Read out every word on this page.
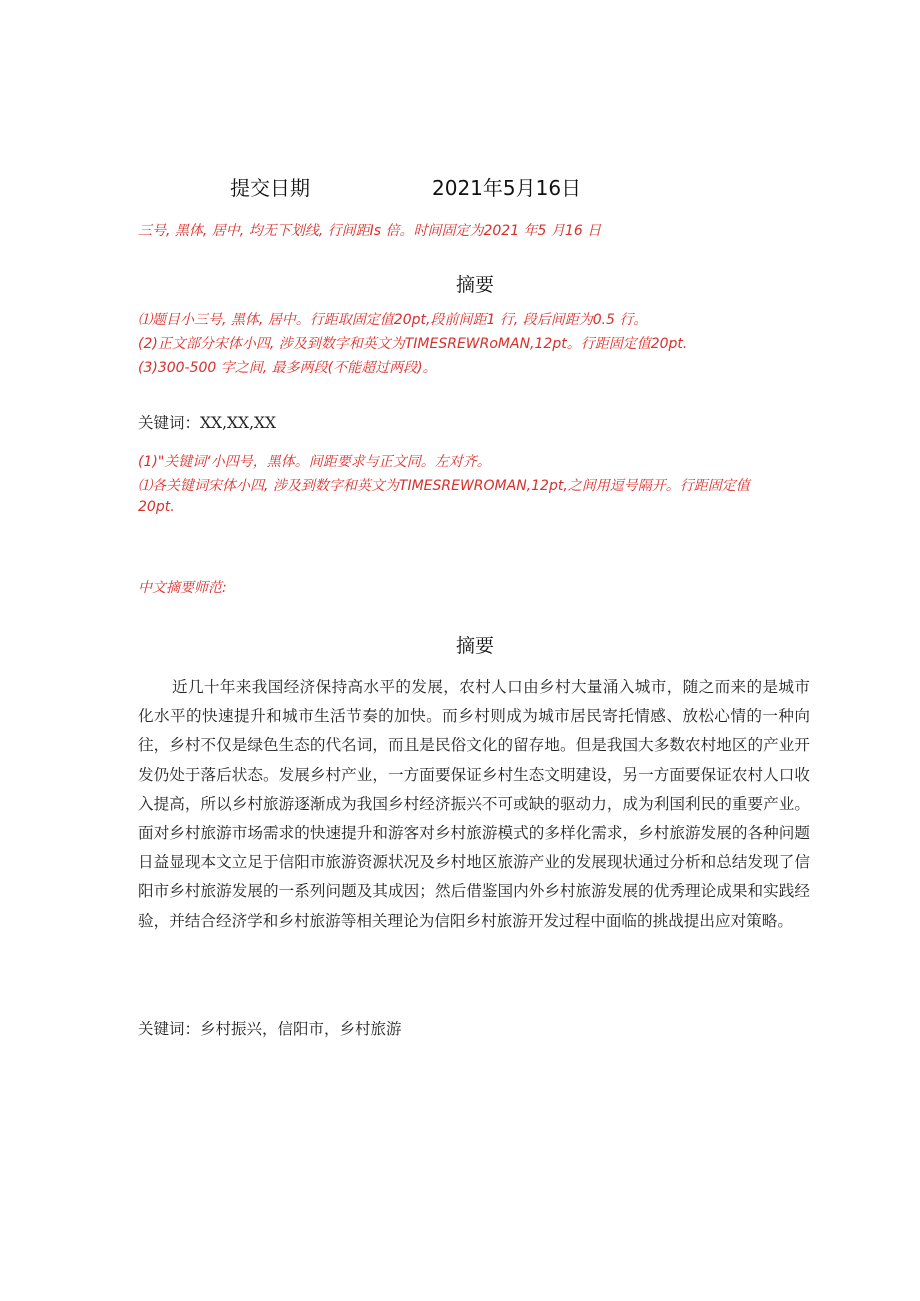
提交日期	2021年5月16日
三号, 黑体, 居中, 均无下划线, 行间距Is 倍。时间固定为2021 年5 月16 日
摘要
⑴题目小三号, 黑体, 居中。行距取固定值20pt,段前间距1 行, 段后间距为0.5 行。
(2)正文部分宋体小四, 涉及到数字和英文为TIMESREWRoMAN,12pt。行距固定值20pt.
(3)300-500 字之间, 最多两段(不能超过两段)。
关键词：XX,XX,XX
(1)"关键词‘小四号，黑体。间距要求与正文同。左对齐。
⑴各关键词宋体小四, 涉及到数字和英文为TIMESREWROMAN,12pt,之间用逗号隔开。行距固定值
20pt.
中文摘要师范:
摘要
近几十年来我国经济保持高水平的发展，农村人口由乡村大量涌入城市，随之而来的是城市化水平的快速提升和城市生活节奏的加快。而乡村则成为城市居民寄托情感、放松心情的一种向往，乡村不仅是绿色生态的代名词，而且是民俗文化的留存地。但是我国大多数农村地区的产业开发仍处于落后状态。发展乡村产业，一方面要保证乡村生态文明建设，另一方面要保证农村人口收入提高，所以乡村旅游逐渐成为我国乡村经济振兴不可或缺的驱动力，成为利国利民的重要产业。面对乡村旅游市场需求的快速提升和游客对乡村旅游模式的多样化需求，乡村旅游发展的各种问题日益显现本文立足于信阳市旅游资源状况及乡村地区旅游产业的发展现状通过分析和总结发现了信阳市乡村旅游发展的一系列问题及其成因；然后借鉴国内外乡村旅游发展的优秀理论成果和实践经验，并结合经济学和乡村旅游等相关理论为信阳乡村旅游开发过程中面临的挑战提出应对策略。
关键词：乡村振兴，信阳市，乡村旅游
